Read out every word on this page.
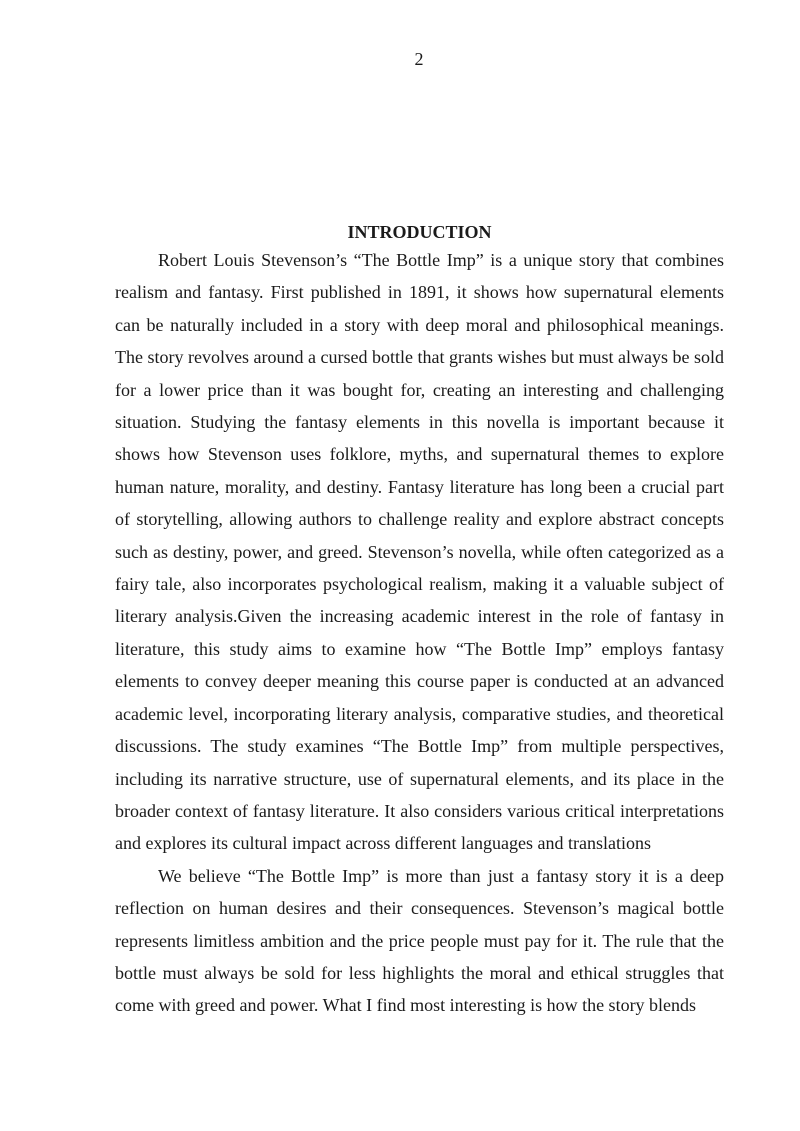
2
INTRODUCTION

Robert Louis Stevenson’s “The Bottle Imp” is a unique story that combines realism and fantasy. First published in 1891, it shows how supernatural elements can be naturally included in a story with deep moral and philosophical meanings. The story revolves around a cursed bottle that grants wishes but must always be sold for a lower price than it was bought for, creating an interesting and challenging situation. Studying the fantasy elements in this novella is important because it shows how Stevenson uses folklore, myths, and supernatural themes to explore human nature, morality, and destiny. Fantasy literature has long been a crucial part of storytelling, allowing authors to challenge reality and explore abstract concepts such as destiny, power, and greed. Stevenson’s novella, while often categorized as a fairy tale, also incorporates psychological realism, making it a valuable subject of literary analysis.Given the increasing academic interest in the role of fantasy in literature, this study aims to examine how “The Bottle Imp” employs fantasy elements to convey deeper meaning this course paper is conducted at an advanced academic level, incorporating literary analysis, comparative studies, and theoretical discussions. The study examines “The Bottle Imp” from multiple perspectives, including its narrative structure, use of supernatural elements, and its place in the broader context of fantasy literature. It also considers various critical interpretations and explores its cultural impact across different languages and translations

We believe “The Bottle Imp” is more than just a fantasy story it is a deep reflection on human desires and their consequences. Stevenson’s magical bottle represents limitless ambition and the price people must pay for it. The rule that the bottle must always be sold for less highlights the moral and ethical struggles that come with greed and power. What I find most interesting is how the story blends
